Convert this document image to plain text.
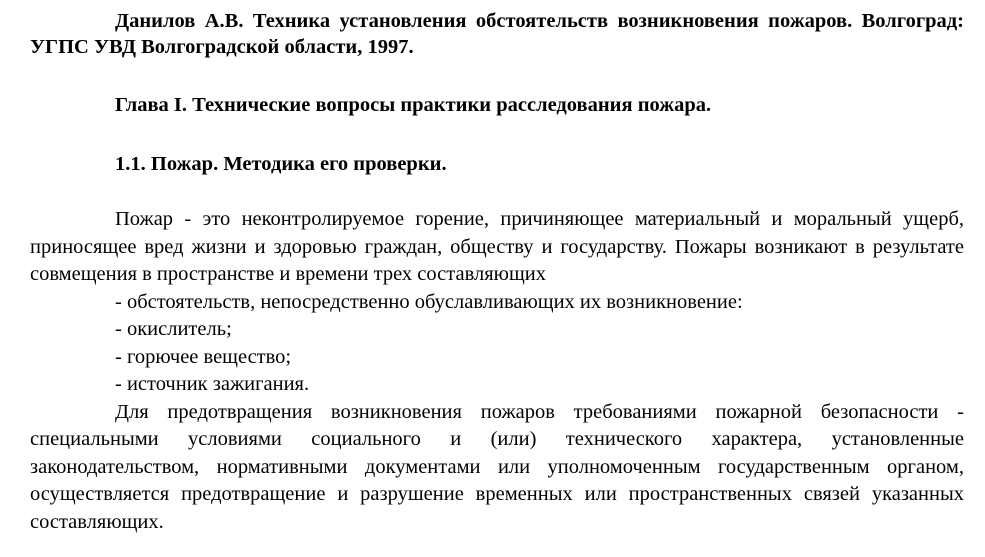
Данилов А.В. Техника установления обстоятельств возникновения пожаров. Волгоград: УГПС УВД Волгоградской области, 1997.

Глава I. Технические вопросы практики расследования пожара.

1.1. Пожар. Методика его проверки.

Пожар - это неконтролируемое горение, причиняющее материальный и моральный ущерб, приносящее вред жизни и здоровью граждан, обществу и государству. Пожары возникают в результате совмещения в пространстве и времени трех составляющих

- обстоятельств, непосредственно обуславливающих их возникновение:

- окислитель;

- горючее вещество;

- источник зажигания.

Для предотвращения возникновения пожаров требованиями пожарной безопасности - специальными условиями социального и (или) технического характера, установленные законодательством, нормативными документами или уполномоченным государственным органом, осуществляется предотвращение и разрушение временных или пространственных связей указанных составляющих.
